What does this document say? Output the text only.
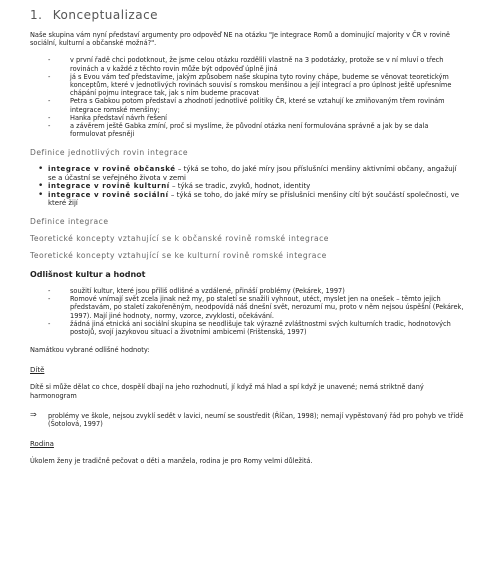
1. Konceptualizace

Naše skupina vám nyní představí argumenty pro odpověď NE na otázku "Je integrace Romů a dominující majority v ČR v rovině sociální, kulturní a občanské možná?".

- v první řadě chci podotknout, že jsme celou otázku rozdělili vlastně na 3 podotázky, protože se v ní mluví o třech rovinách a v každé z těchto rovin může být odpověď úplně jiná
- já s Evou vám teď představíme, jakým způsobem naše skupina tyto roviny chápe, budeme se věnovat teoretickým konceptům, které v jednotlivých rovinách souvisí s romskou menšinou a její integrací a pro úplnost ještě upřesníme chápání pojmu integrace tak, jak s ním budeme pracovat
- Petra s Gabkou potom představí a zhodnotí jednotlivé politiky ČR, které se vztahují ke zmiňovaným třem rovinám integrace romské menšiny;
- Hanka představí návrh řešení
- a závěrem ještě Gabka zmíní, proč si myslíme, že původní otázka není formulována správně a jak by se dala formulovat přesněji
Definice jednotlivých rovin integrace
• integrace v rovině občanské – týká se toho, do jaké míry jsou příslušníci menšiny aktivními občany, angažují se a účastní se veřejného života v zemi
• integrace v rovině kulturní – týká se tradic, zvyků, hodnot, identity
• integrace v rovině sociální – týká se toho, do jaké míry se příslušníci menšiny cítí být součástí společnosti, ve které žijí
Definice integrace
Teoretické koncepty vztahující se k občanské rovině romské integrace
Teoretické koncepty vztahující se ke kulturní rovině romské integrace
Odlišnost kultur a hodnot
- soužití kultur, které jsou příliš odlišné a vzdálené, přináší problémy (Pekárek, 1997)
- Romové vnímají svět zcela jinak než my, po staletí se snažili vyhnout, utéct, myslet jen na onešek – těmto jejich představám, po staletí zakořeněným, neodpovídá náš dnešní svět, nerozumí mu, proto v něm nejsou úspěšní (Pekárek, 1997). Mají jiné hodnoty, normy, vzorce, zvyklosti, očekávání.
- žádná jiná etnická ani sociální skupina se neodlišuje tak výrazně zvláštnostmi svých kulturních tradic, hodnotových postojů, svojí jazykovou situací a životními ambicemi (Frištenská, 1997)

Namátkou vybrané odlišné hodnoty:

Dítě

Dítě si může dělat co chce, dospělí dbají na jeho rozhodnutí, jí když má hlad a spí když je unavené; nemá striktně daný harmonogram

⇒ problémy ve škole, nejsou zvyklí sedět v lavici, neumí se soustředit (Říčan, 1998); nemají vypěstovaný řád pro pohyb ve třídě (Šotolová, 1997)

Rodina

Úkolem ženy je tradičně pečovat o děti a manžela, rodina je pro Romy velmi důležitá.
